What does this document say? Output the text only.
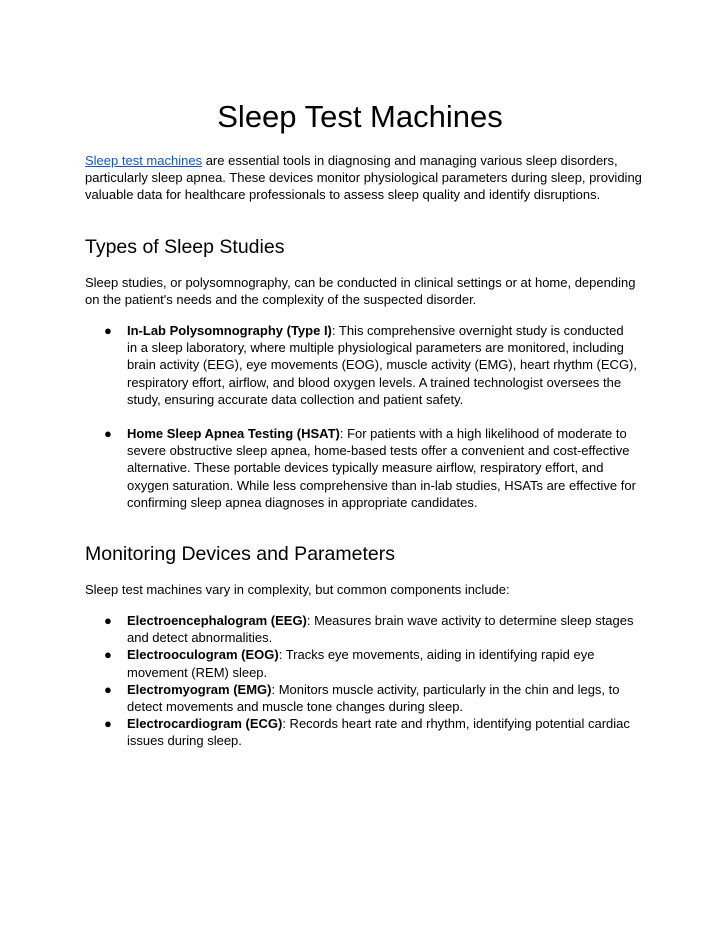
Sleep Test Machines

Sleep test machines are essential tools in diagnosing and managing various sleep disorders, particularly sleep apnea. These devices monitor physiological parameters during sleep, providing valuable data for healthcare professionals to assess sleep quality and identify disruptions.

Types of Sleep Studies

Sleep studies, or polysomnography, can be conducted in clinical settings or at home, depending on the patient's needs and the complexity of the suspected disorder.

● In-Lab Polysomnography (Type I): This comprehensive overnight study is conducted in a sleep laboratory, where multiple physiological parameters are monitored, including brain activity (EEG), eye movements (EOG), muscle activity (EMG), heart rhythm (ECG), respiratory effort, airflow, and blood oxygen levels. A trained technologist oversees the study, ensuring accurate data collection and patient safety.
● Home Sleep Apnea Testing (HSAT): For patients with a high likelihood of moderate to severe obstructive sleep apnea, home-based tests offer a convenient and cost-effective alternative. These portable devices typically measure airflow, respiratory effort, and oxygen saturation. While less comprehensive than in-lab studies, HSATs are effective for confirming sleep apnea diagnoses in appropriate candidates.
Monitoring Devices and Parameters

Sleep test machines vary in complexity, but common components include:

● Electroencephalogram (EEG): Measures brain wave activity to determine sleep stages and detect abnormalities.
● Electrooculogram (EOG): Tracks eye movements, aiding in identifying rapid eye movement (REM) sleep.
● Electromyogram (EMG): Monitors muscle activity, particularly in the chin and legs, to detect movements and muscle tone changes during sleep.
● Electrocardiogram (ECG): Records heart rate and rhythm, identifying potential cardiac issues during sleep.
